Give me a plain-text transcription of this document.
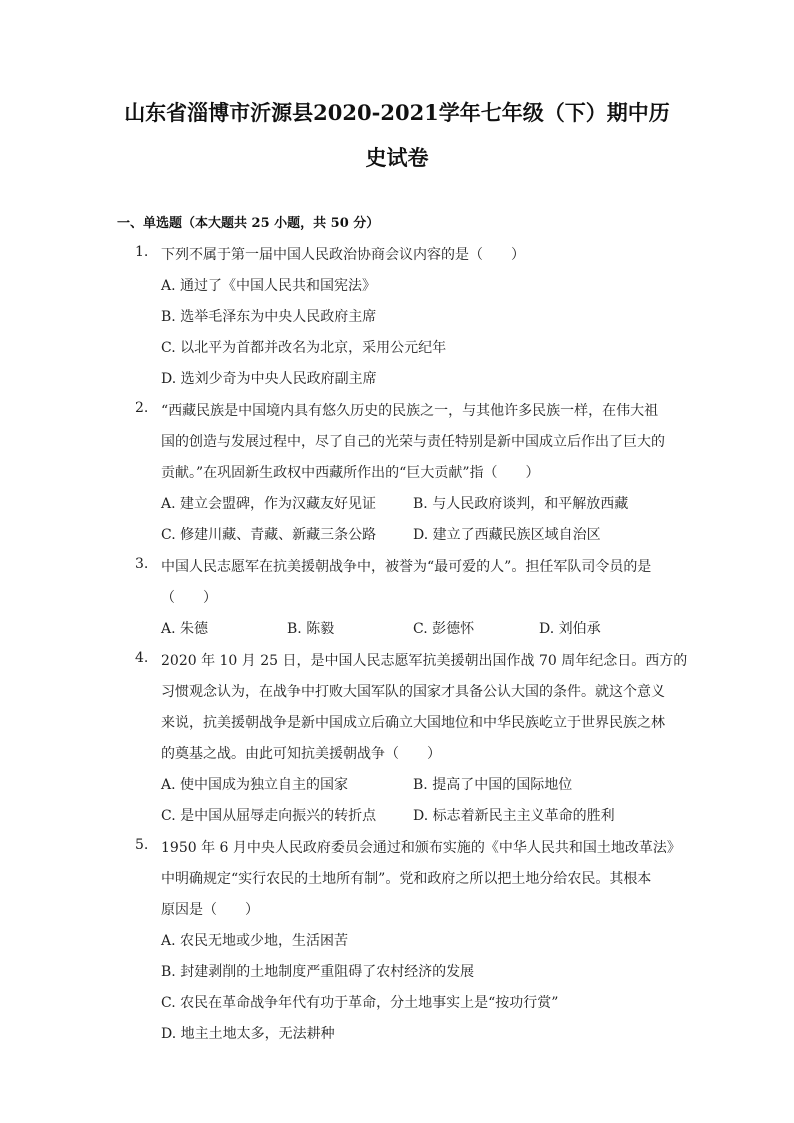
山东省淄博市沂源县2020-2021学年七年级（下）期中历
史试卷
一、单选题（本大题共 25 小题，共 50 分）
1. 下列不属于第一届中国人民政治协商会议内容的是（　　）
A. 通过了《中国人民共和国宪法》
B. 选举毛泽东为中央人民政府主席
C. 以北平为首都并改名为北京，采用公元纪年
D. 选刘少奇为中央人民政府副主席
2. “西藏民族是中国境内具有悠久历史的民族之一，与其他许多民族一样，在伟大祖
国的创造与发展过程中，尽了自己的光荣与责任特别是新中国成立后作出了巨大的
贡献。”在巩固新生政权中西藏所作出的“巨大贡献”指（　　）
A. 建立会盟碑，作为汉藏友好见证	B. 与人民政府谈判，和平解放西藏
C. 修建川藏、青藏、新藏三条公路	D. 建立了西藏民族区域自治区
3. 中国人民志愿军在抗美援朝战争中，被誉为“最可爱的人”。担任军队司令员的是
（　　）
A. 朱德	B. 陈毅	C. 彭德怀	D. 刘伯承
4. 2020 年 10 月 25 日，是中国人民志愿军抗美援朝出国作战 70 周年纪念日。西方的
习惯观念认为，在战争中打败大国军队的国家才具备公认大国的条件。就这个意义
来说，抗美援朝战争是新中国成立后确立大国地位和中华民族屹立于世界民族之林
的奠基之战。由此可知抗美援朝战争（　　）
A. 使中国成为独立自主的国家	B. 提高了中国的国际地位
C. 是中国从屈辱走向振兴的转折点	D. 标志着新民主主义革命的胜利
5. 1950 年 6 月中央人民政府委员会通过和颁布实施的《中华人民共和国土地改革法》
中明确规定“实行农民的土地所有制”。党和政府之所以把土地分给农民。其根本
原因是（　　）
A. 农民无地或少地，生活困苦
B. 封建剥削的土地制度严重阻碍了农村经济的发展
C. 农民在革命战争年代有功于革命，分土地事实上是“按功行赏”
D. 地主土地太多，无法耕种
